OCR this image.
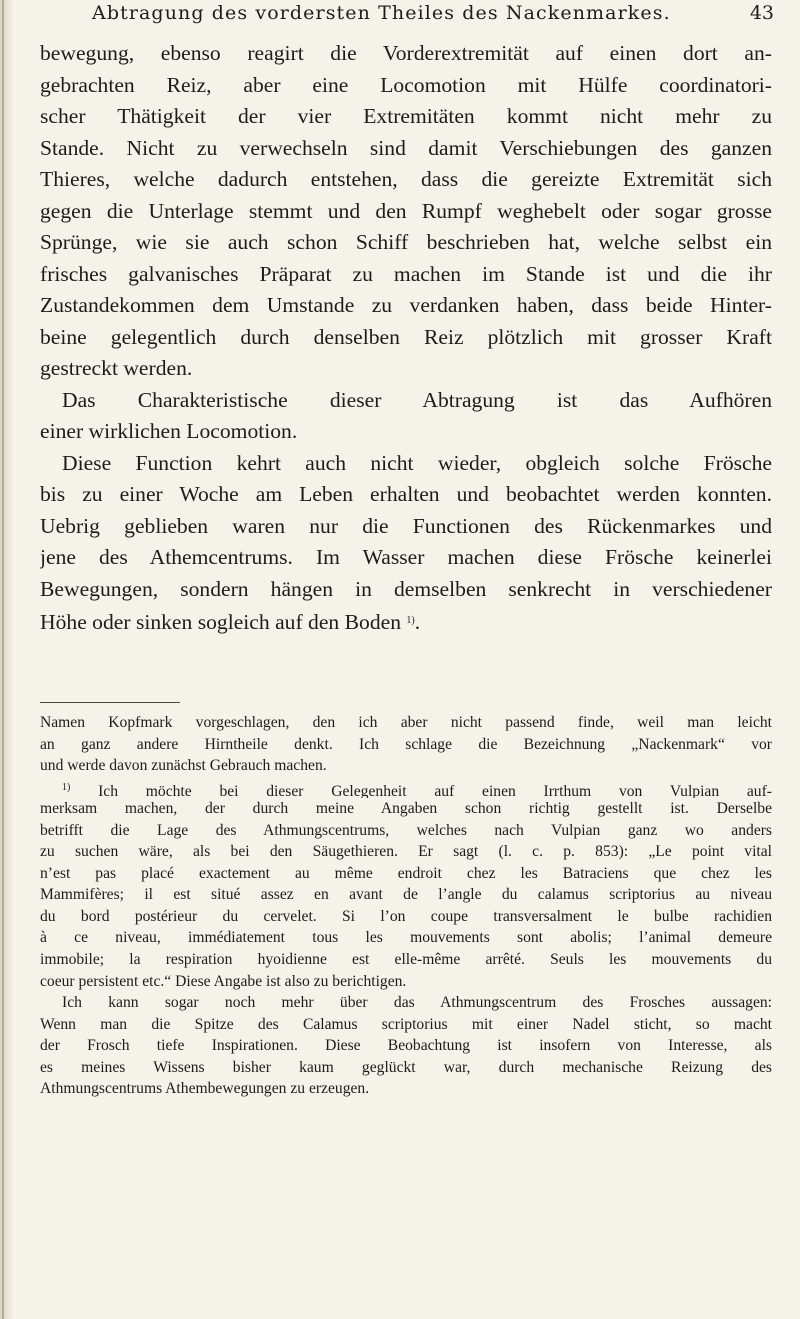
Abtragung des vordersten Theiles des Nackenmarkes.	43
bewegung, ebenso reagirt die Vorderextremität auf einen dort an-
gebrachten Reiz, aber eine Locomotion mit Hülfe coordinatori-
scher Thätigkeit der vier Extremitäten kommt nicht mehr zu
Stande. Nicht zu verwechseln sind damit Verschiebungen des ganzen
Thieres, welche dadurch entstehen, dass die gereizte Extremität sich
gegen die Unterlage stemmt und den Rumpf weghebelt oder sogar grosse
Sprünge, wie sie auch schon Schiff beschrieben hat, welche selbst ein
frisches galvanisches Präparat zu machen im Stande ist und die ihr
Zustandekommen dem Umstande zu verdanken haben, dass beide Hinter-
beine gelegentlich durch denselben Reiz plötzlich mit grosser Kraft
gestreckt werden.
Das Charakteristische dieser Abtragung ist das Aufhören
einer wirklichen Locomotion.
Diese Function kehrt auch nicht wieder, obgleich solche Frösche
bis zu einer Woche am Leben erhalten und beobachtet werden konnten.
Uebrig geblieben waren nur die Functionen des Rückenmarkes und
jene des Athemcentrums. Im Wasser machen diese Frösche keinerlei
Bewegungen, sondern hängen in demselben senkrecht in verschiedener
Höhe oder sinken sogleich auf den Boden $^{1)}$.
Namen Kopfmark vorgeschlagen, den ich aber nicht passend finde, weil man leicht
an ganz andere Hirntheile denkt. Ich schlage die Bezeichnung „Nackenmark“ vor
und werde davon zunächst Gebrauch machen.
$^{1)}$ Ich möchte bei dieser Gelegenheit auf einen Irrthum von Vulpian auf-
merksam machen, der durch meine Angaben schon richtig gestellt ist. Derselbe
betrifft die Lage des Athmungscentrums, welches nach Vulpian ganz wo anders
zu suchen wäre, als bei den Säugethieren. Er sagt (l. c. p. 853): „Le point vital
n’est pas placé exactement au même endroit chez les Batraciens que chez les
Mammifères; il est situé assez en avant de l’angle du calamus scriptorius au niveau
du bord postérieur du cervelet. Si l’on coupe transversalment le bulbe rachidien
à ce niveau, immédiatement tous les mouvements sont abolis; l’animal demeure
immobile; la respiration hyoidienne est elle-même arrêté. Seuls les mouvements du
coeur persistent etc.“ Diese Angabe ist also zu berichtigen.
Ich kann sogar noch mehr über das Athmungscentrum des Frosches aussagen:
Wenn man die Spitze des Calamus scriptorius mit einer Nadel sticht, so macht
der Frosch tiefe Inspirationen. Diese Beobachtung ist insofern von Interesse, als
es meines Wissens bisher kaum geglückt war, durch mechanische Reizung des
Athmungscentrums Athembewegungen zu erzeugen.
